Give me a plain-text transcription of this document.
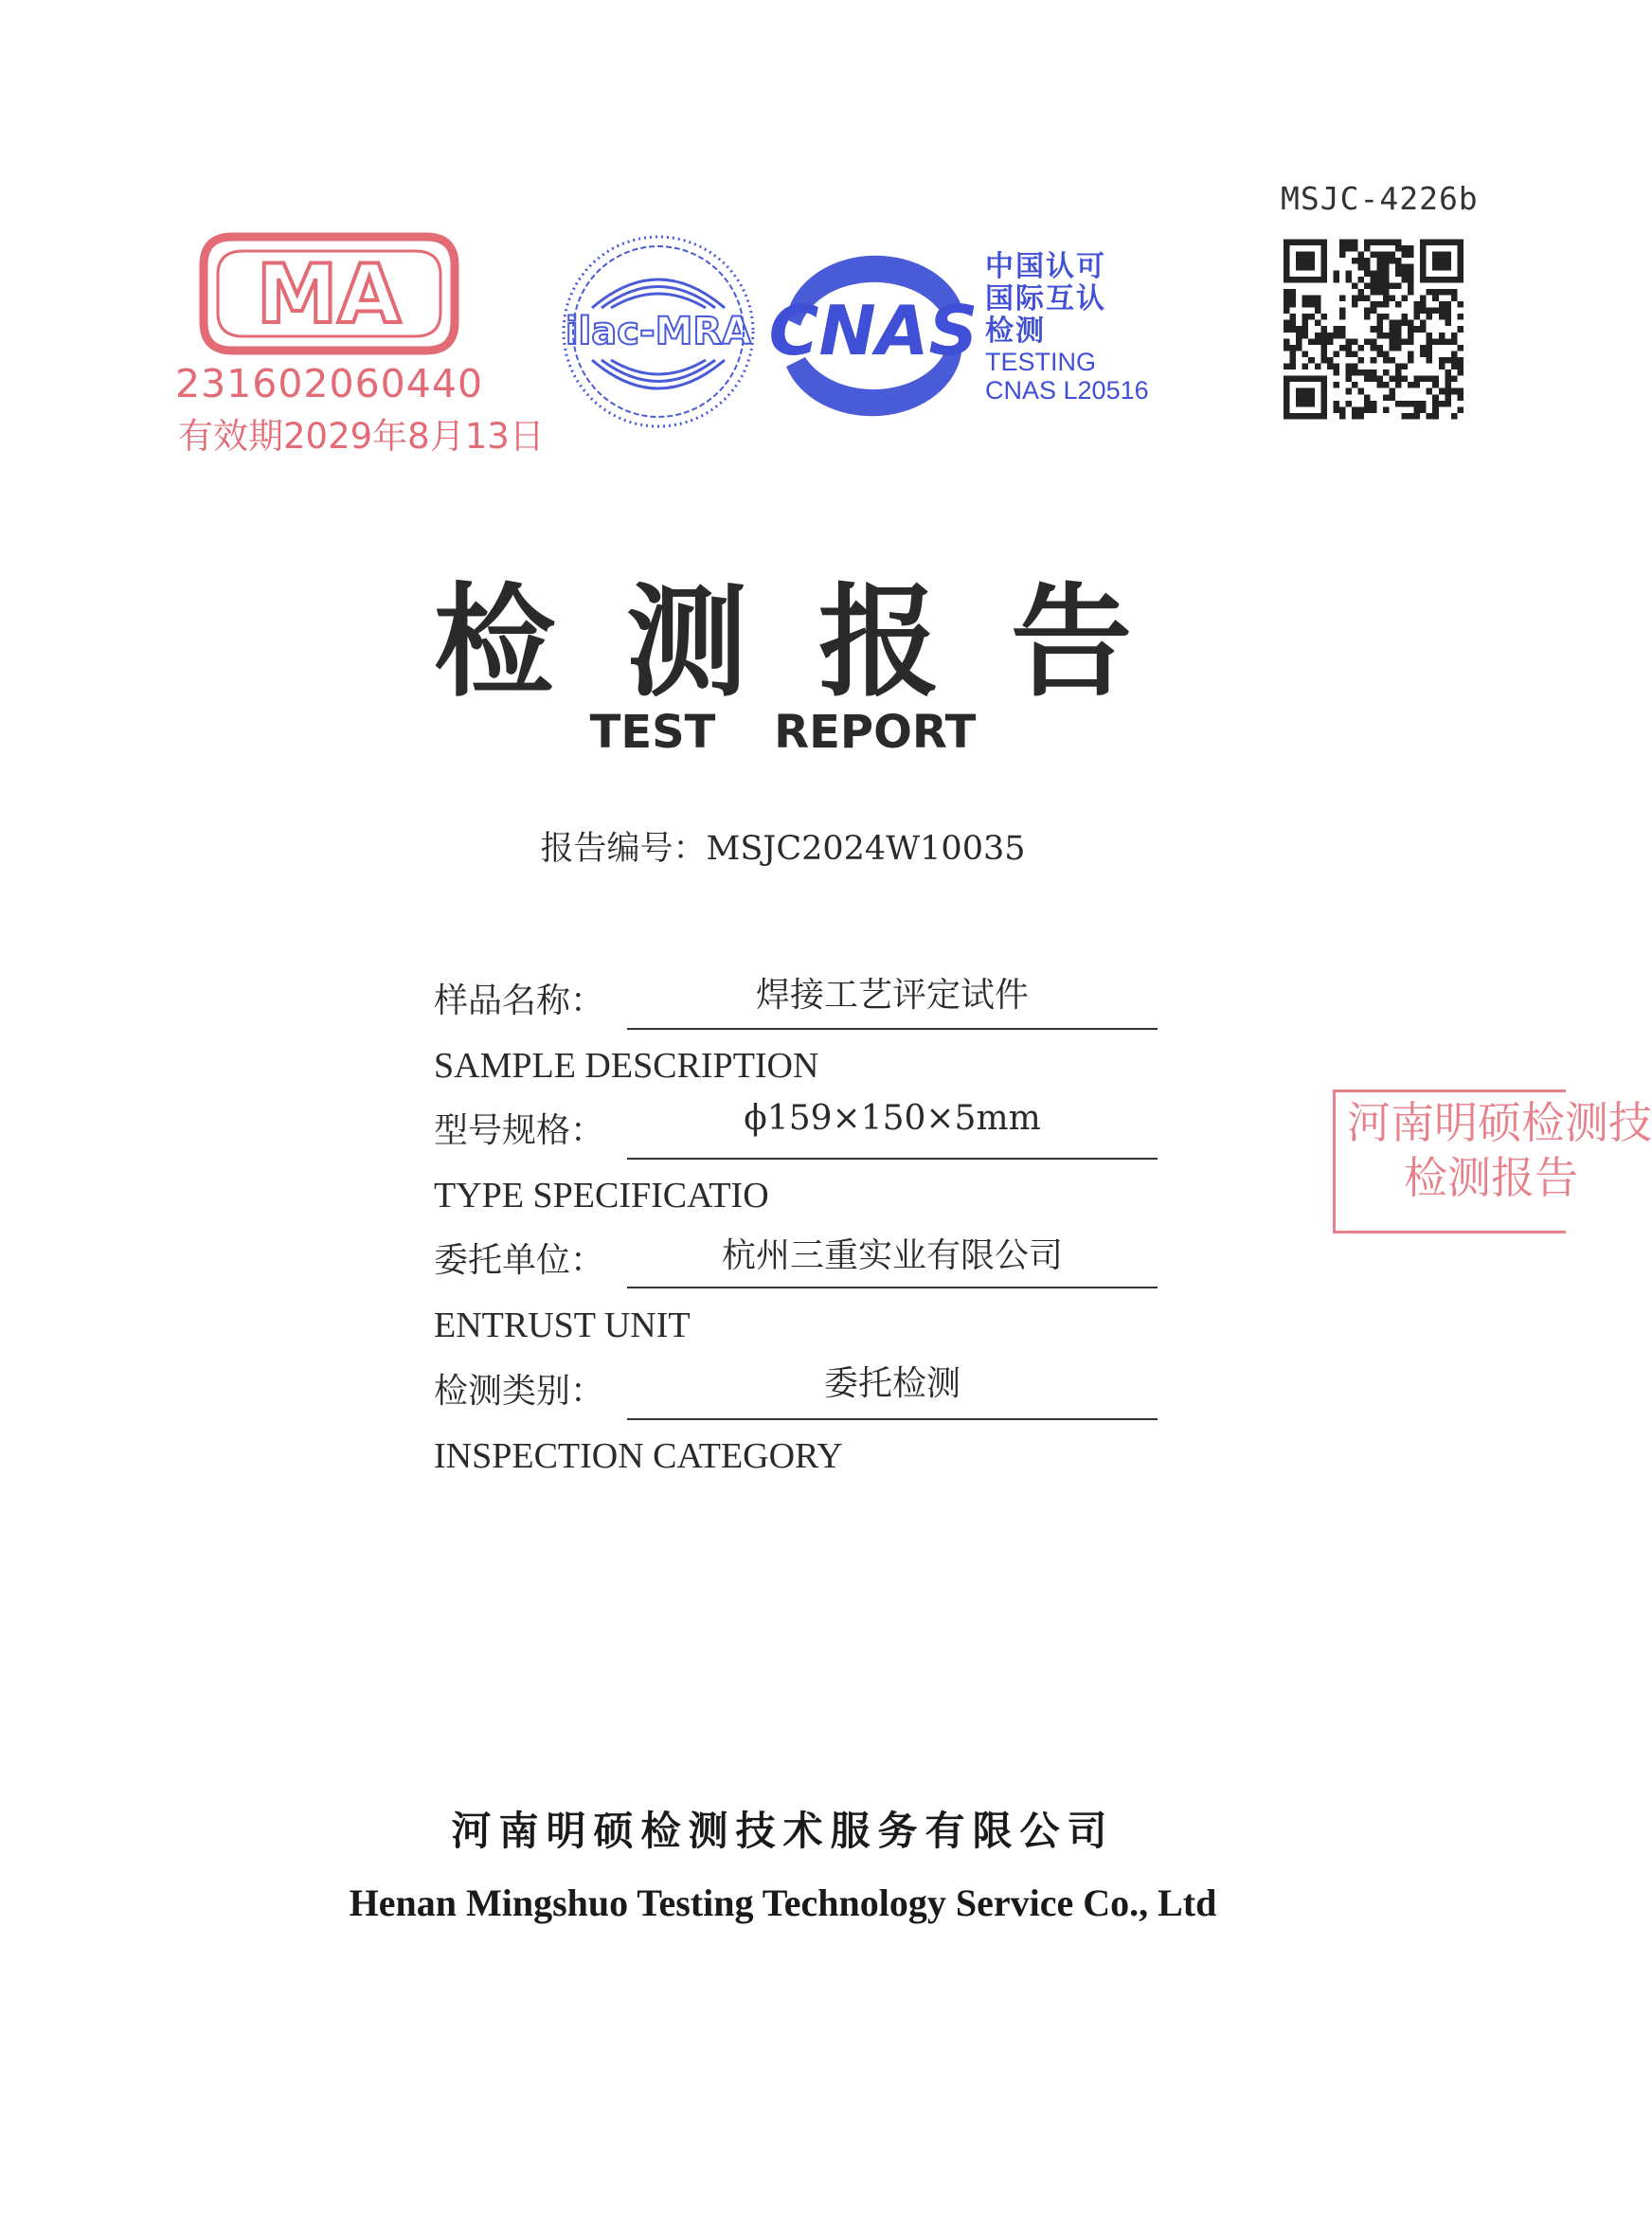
MSJC-4226b
MA
231602060440
有效期2029年8月13日
ilac-MRA CNAS
中国认可
国际互认
检测
TESTING
CNAS L20516
检测报告
TEST REPORT
报告编号：MSJC2024W10035
样品名称：	焊接工艺评定试件
SAMPLE DESCRIPTION
型号规格：	ϕ159×150×5mm
TYPE SPECIFICATIO
委托单位：	杭州三重实业有限公司
ENTRUST UNIT
检测类别：	委托检测
INSPECTION CATEGORY
河南明硕检测技
检测报告
河南明硕检测技术服务有限公司
Henan Mingshuo Testing Technology Service Co., Ltd
